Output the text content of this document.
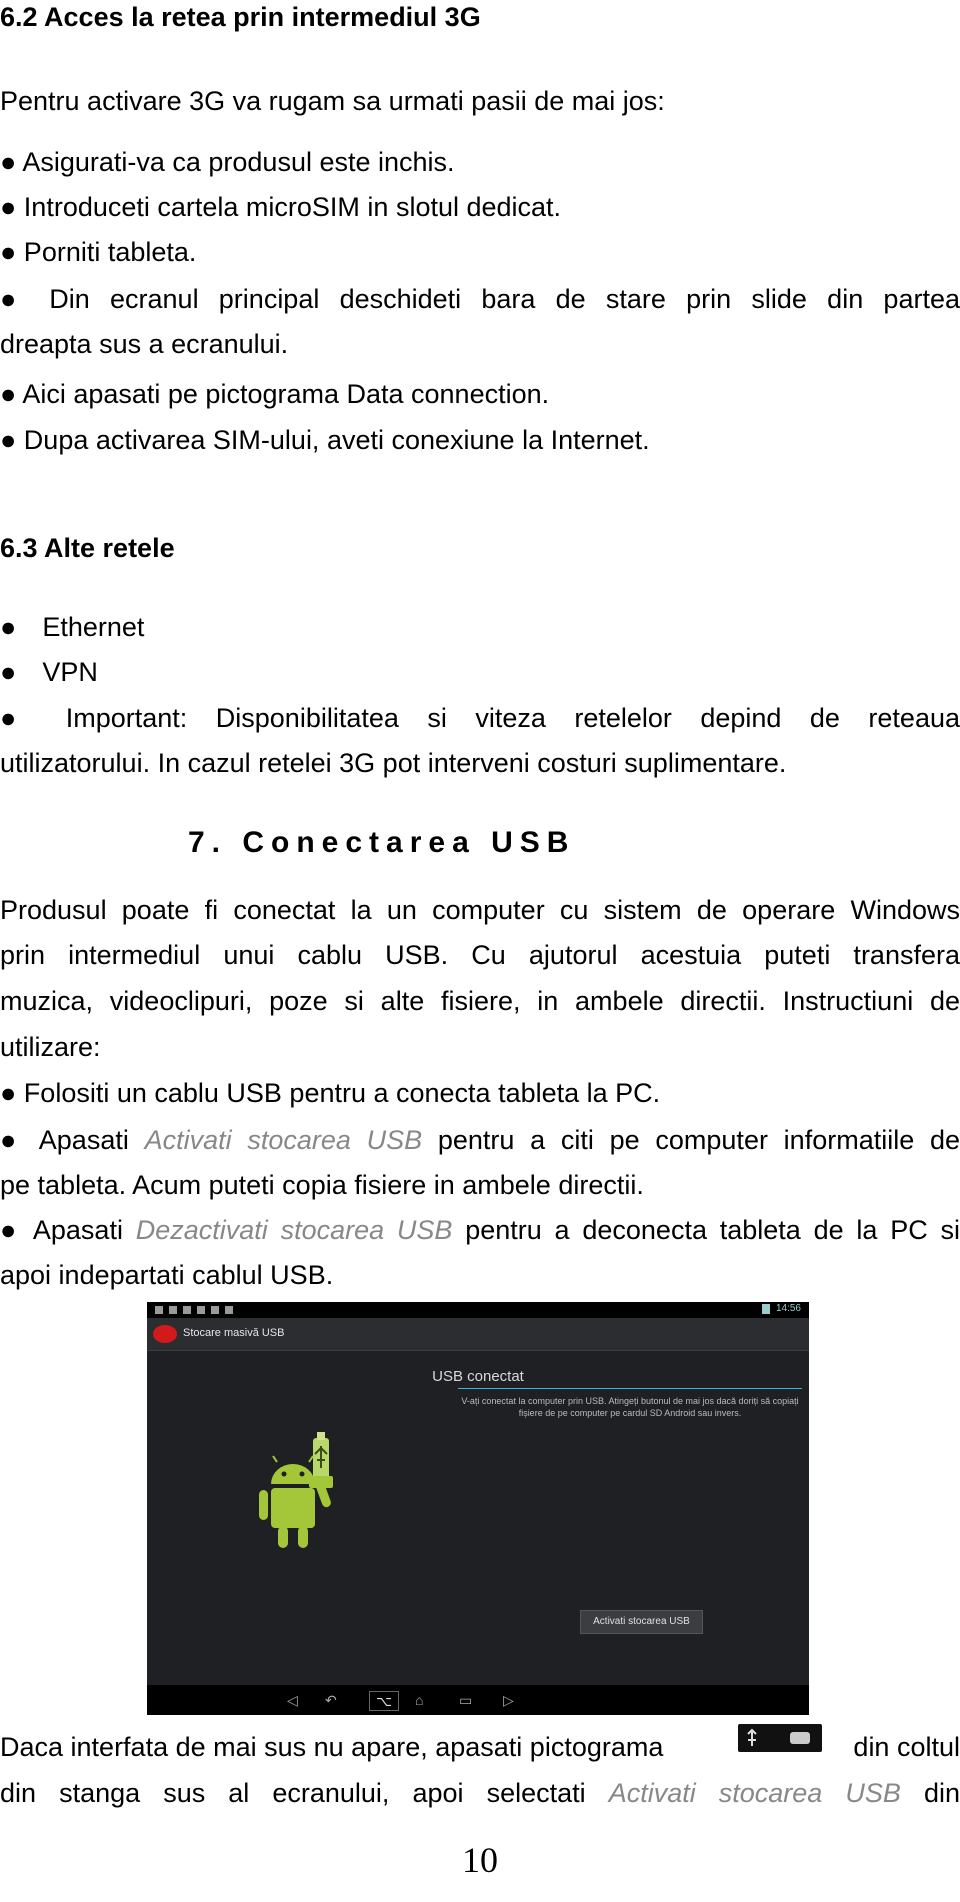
6.2 Acces la retea prin intermediul 3G
Pentru activare 3G va rugam sa urmati pasii de mai jos:
● Asigurati-va ca produsul este inchis.
● Introduceti cartela microSIM in slotul dedicat.
● Porniti tableta.
● Din ecranul principal deschideti bara de stare prin slide din partea
dreapta sus a ecranului.
● Aici apasati pe pictograma Data connection.
● Dupa activarea SIM-ului, aveti conexiune la Internet.
6.3 Alte retele
● Ethernet
● VPN
● Important: Disponibilitatea si viteza retelelor depind de reteaua
utilizatorului. In cazul retelei 3G pot interveni costuri suplimentare.
7. Conectarea USB
Produsul poate fi conectat la un computer cu sistem de operare Windows
prin intermediul unui cablu USB. Cu ajutorul acestuia puteti transfera
muzica, videoclipuri, poze si alte fisiere, in ambele directii. Instructiuni de
utilizare:
● Folositi un cablu USB pentru a conecta tableta la PC.
● Apasati Activati stocarea USB pentru a citi pe computer informatiile de
pe tableta. Acum puteti copia fisiere in ambele directii.
● Apasati Dezactivati stocarea USB pentru a deconecta tableta de la PC si
apoi indepartati cablul USB.
14:56
Stocare masivă USB
USB conectat
V-ați conectat la computer prin USB. Atingeți butonul de mai jos dacă doriți să copiați fișiere de pe computer pe cardul SD Android sau invers.
Activati stocarea USB
◁ ↶	⌥	⌂	▭ ▷
Daca interfata de mai sus nu apare, apasati pictograma	din coltul
din stanga sus al ecranului, apoi selectati Activati stocarea USB din
10
